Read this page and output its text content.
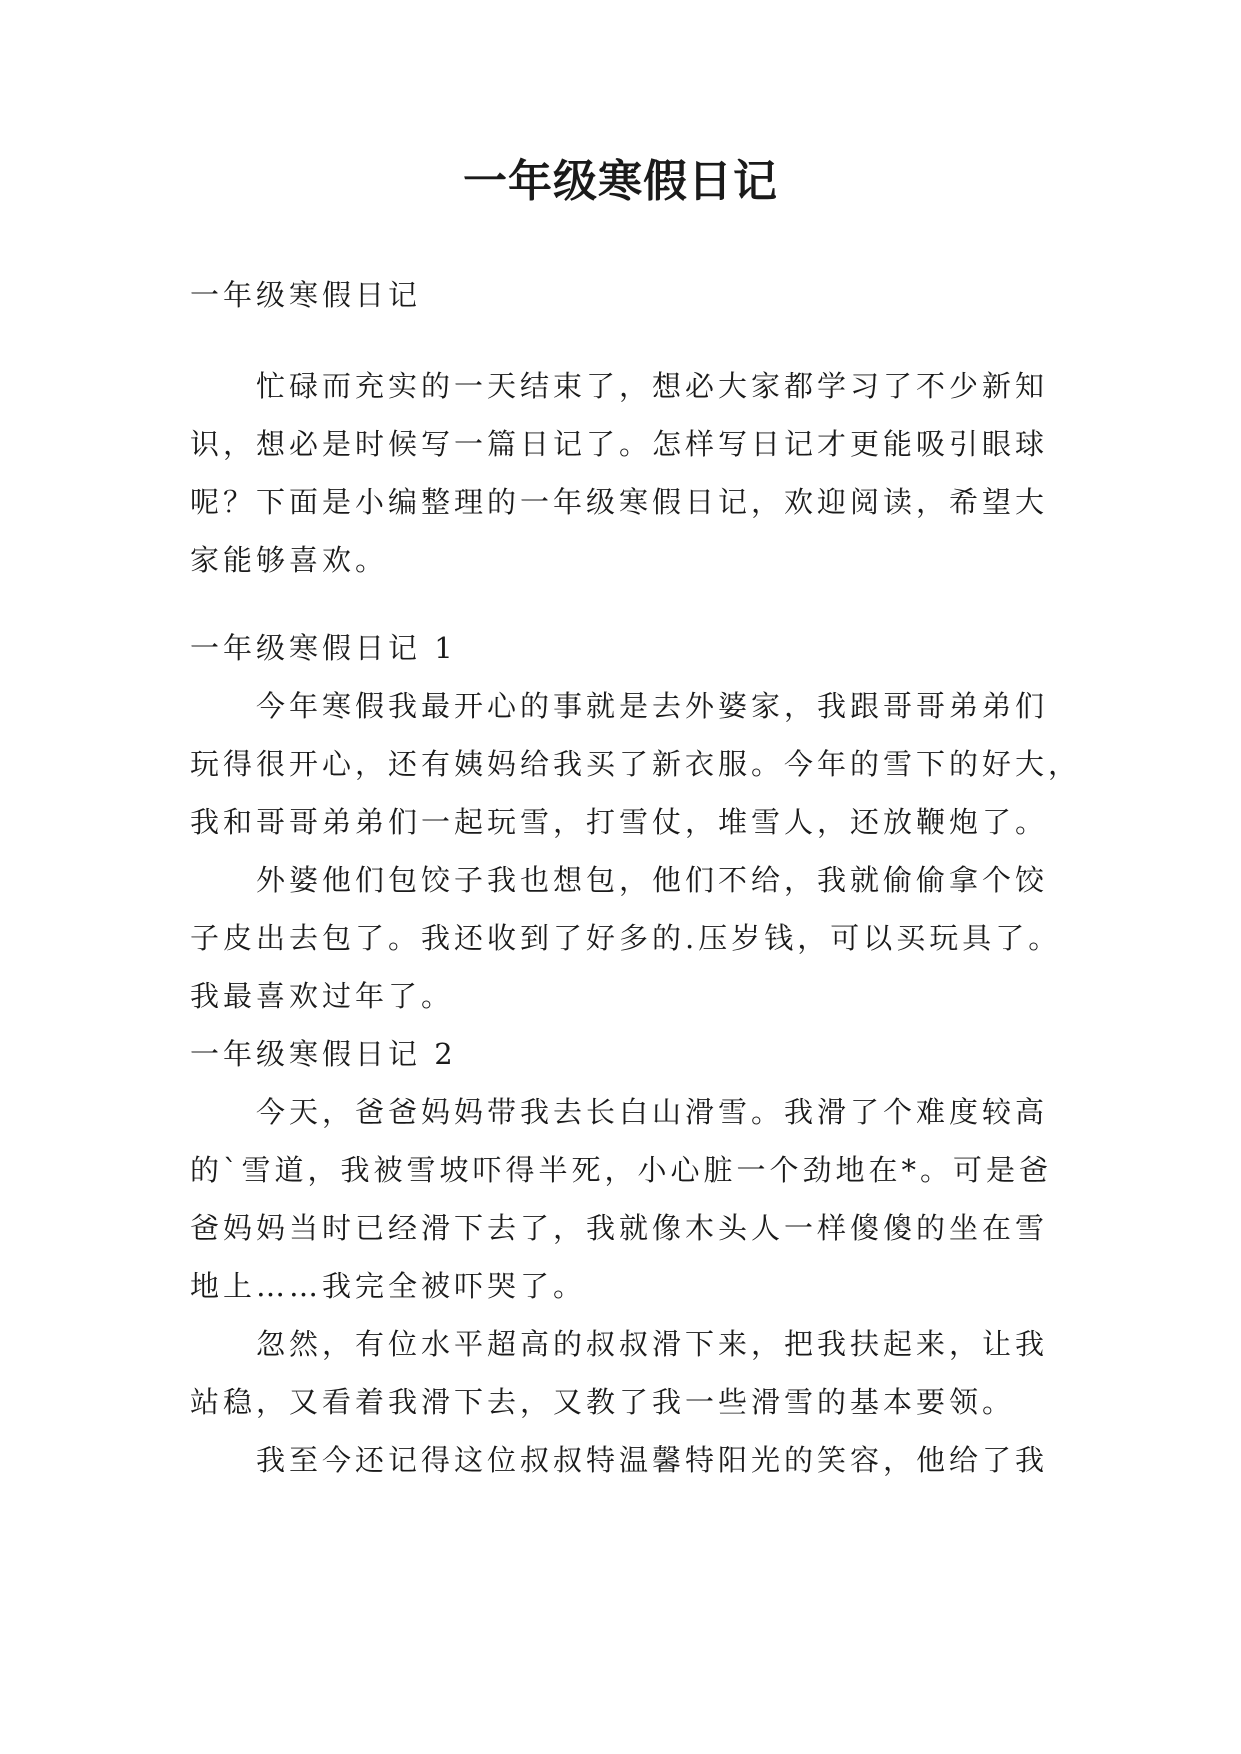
一年级寒假日记

一年级寒假日记

忙碌而充实的一天结束了，想必大家都学习了不少新知
识，想必是时候写一篇日记了。怎样写日记才更能吸引眼球
呢？下面是小编整理的一年级寒假日记，欢迎阅读，希望大
家能够喜欢。

一年级寒假日记 1
今年寒假我最开心的事就是去外婆家，我跟哥哥弟弟们
玩得很开心，还有姨妈给我买了新衣服。今年的雪下的好大，
我和哥哥弟弟们一起玩雪，打雪仗，堆雪人，还放鞭炮了。
外婆他们包饺子我也想包，他们不给，我就偷偷拿个饺
子皮出去包了。我还收到了好多的.压岁钱，可以买玩具了。
我最喜欢过年了。

一年级寒假日记 2
今天，爸爸妈妈带我去长白山滑雪。我滑了个难度较高
的`雪道，我被雪坡吓得半死，小心脏一个劲地在*。可是爸
爸妈妈当时已经滑下去了，我就像木头人一样傻傻的坐在雪
地上……我完全被吓哭了。
忽然，有位水平超高的叔叔滑下来，把我扶起来，让我
站稳，又看着我滑下去，又教了我一些滑雪的基本要领。
我至今还记得这位叔叔特温馨特阳光的笑容，他给了我
